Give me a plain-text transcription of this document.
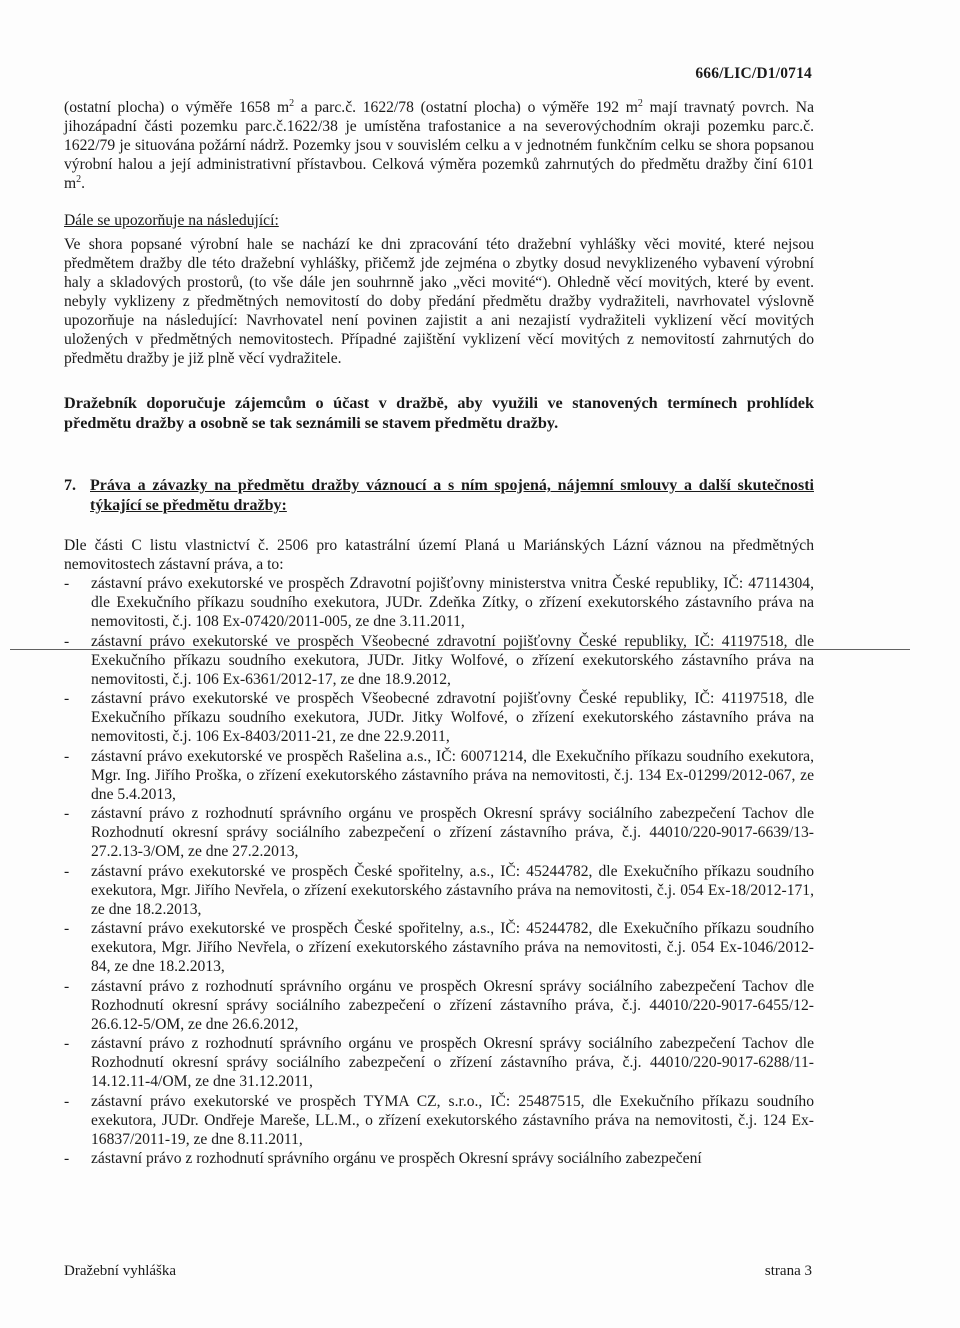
666/LIC/D1/0714

(ostatní plocha) o výměře 1658 $m^2$ a parc.č. 1622/78 (ostatní plocha) o výměře 192 $m^2$ mají travnatý povrch. Na jihozápadní části pozemku parc.č.1622/38 je umístěna trafostanice a na severovýchodním okraji pozemku parc.č. 1622/79 je situována požární nádrž. Pozemky jsou v souvislém celku a v jednotném funkčním celku se shora popsanou výrobní halou a její administrativní přístavbou. Celková výměra pozemků zahrnutých do předmětu dražby činí 6101 $m^2$.

Dále se upozorňuje na následující:

Ve shora popsané výrobní hale se nachází ke dni zpracování této dražební vyhlášky věci movité, které nejsou předmětem dražby dle této dražební vyhlášky, přičemž jde zejména o zbytky dosud nevyklizeného vybavení výrobní haly a skladových prostorů, (to vše dále jen souhrnně jako „věci movité“). Ohledně věcí movitých, které by event. nebyly vyklizeny z předmětných nemovitostí do doby předání předmětu dražby vydražiteli, navrhovatel výslovně upozorňuje na následující: Navrhovatel není povinen zajistit a ani nezajistí vydražiteli vyklizení věcí movitých uložených v předmětných nemovitostech. Případné zajištění vyklizení věcí movitých z nemovitostí zahrnutých do předmětu dražby je již plně věcí vydražitele.

Dražebník doporučuje zájemcům o účast v dražbě, aby využili ve stanovených termínech prohlídek předmětu dražby a osobně se tak seznámili se stavem předmětu dražby.

7. Práva a závazky na předmětu dražby váznoucí a s ním spojená, nájemní smlouvy a další skutečnosti týkající se předmětu dražby:

Dle části C listu vlastnictví č. 2506 pro katastrální území Planá u Mariánských Lázní váznou na předmětných nemovitostech zástavní práva, a to:

- zástavní právo exekutorské ve prospěch Zdravotní pojišťovny ministerstva vnitra České republiky, IČ: 47114304, dle Exekučního příkazu soudního exekutora, JUDr. Zdeňka Zítky, o zřízení exekutorského zástavního práva na nemovitosti, č.j. 108 Ex-07420/2011-005, ze dne 3.11.2011,
- zástavní právo exekutorské ve prospěch Všeobecné zdravotní pojišťovny České republiky, IČ: 41197518, dle Exekučního příkazu soudního exekutora, JUDr. Jitky Wolfové, o zřízení exekutorského zástavního práva na nemovitosti, č.j. 106 Ex-6361/2012-17, ze dne 18.9.2012,
- zástavní právo exekutorské ve prospěch Všeobecné zdravotní pojišťovny České republiky, IČ: 41197518, dle Exekučního příkazu soudního exekutora, JUDr. Jitky Wolfové, o zřízení exekutorského zástavního práva na nemovitosti, č.j. 106 Ex-8403/2011-21, ze dne 22.9.2011,
- zástavní právo exekutorské ve prospěch Rašelina a.s., IČ: 60071214, dle Exekučního příkazu soudního exekutora, Mgr. Ing. Jiřího Proška, o zřízení exekutorského zástavního práva na nemovitosti, č.j. 134 Ex-01299/2012-067, ze dne 5.4.2013,
- zástavní právo z rozhodnutí správního orgánu ve prospěch Okresní správy sociálního zabezpečení Tachov dle Rozhodnutí okresní správy sociálního zabezpečení o zřízení zástavního práva, č.j. 44010/220-9017-6639/13-27.2.13-3/OM, ze dne 27.2.2013,
- zástavní právo exekutorské ve prospěch České spořitelny, a.s., IČ: 45244782, dle Exekučního příkazu soudního exekutora, Mgr. Jiřího Nevřela, o zřízení exekutorského zástavního práva na nemovitosti, č.j. 054 Ex-18/2012-171, ze dne 18.2.2013,
- zástavní právo exekutorské ve prospěch České spořitelny, a.s., IČ: 45244782, dle Exekučního příkazu soudního exekutora, Mgr. Jiřího Nevřela, o zřízení exekutorského zástavního práva na nemovitosti, č.j. 054 Ex-1046/2012-84, ze dne 18.2.2013,
- zástavní právo z rozhodnutí správního orgánu ve prospěch Okresní správy sociálního zabezpečení Tachov dle Rozhodnutí okresní správy sociálního zabezpečení o zřízení zástavního práva, č.j. 44010/220-9017-6455/12-26.6.12-5/OM, ze dne 26.6.2012,
- zástavní právo z rozhodnutí správního orgánu ve prospěch Okresní správy sociálního zabezpečení Tachov dle Rozhodnutí okresní správy sociálního zabezpečení o zřízení zástavního práva, č.j. 44010/220-9017-6288/11-14.12.11-4/OM, ze dne 31.12.2011,
- zástavní právo exekutorské ve prospěch TYMA CZ, s.r.o., IČ: 25487515, dle Exekučního příkazu soudního exekutora, JUDr. Ondřeje Mareše, LL.M., o zřízení exekutorského zástavního práva na nemovitosti, č.j. 124 Ex-16837/2011-19, ze dne 8.11.2011,
- zástavní právo z rozhodnutí správního orgánu ve prospěch Okresní správy sociálního zabezpečení
Dražební vyhláška	strana 3
